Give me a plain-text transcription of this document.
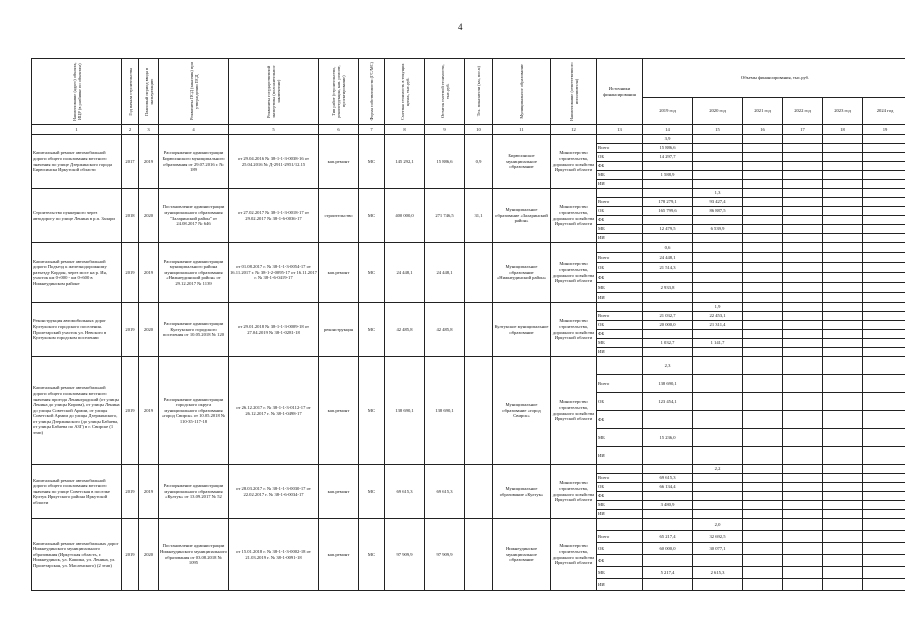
4
Наименование (адрес) объекта, ИЦР (в разбивке по объектам)	Год начала строительства	Плановый период ввода в эксплуатацию	Реквизиты ПСД (заказчик) при утверждении ПСД	Реквизиты государственной экспертизы (положительное заключение)	Тип работ (строительство, реконструкция, кап. ремонт, проектирование)	Форма собственности (ГС/МС)	Сметная стоимость в текущих ценах, тыс.руб.	Остаток сметной стоимости, тыс.руб.	Тех. показатели (км, пог.м)	Муниципальное образование	Наименование (ответственного исполнителя)	Источники финансирования	Объемы финансирования, тыс.руб.					
													2019 год	2020 год	2021 год	2022 год	2023 год	2024 год
1	2	3	4	5	6	7	8	9	10	11	12	13	14	15	16	17	18	19
Капитальный ремонт автомобильной дороги общего пользования местного значения по улице Дзержинского города Бирюсинска Иркутской области	2017	2019	Распоряжение администрации Бирюсинского муниципального образования от 29.07.2016 г. № 189	от 29.04.2016 № 38-1-1-3-0038-16 от 25.04.2016 № Д-2911-2951/12.15	кап.ремонт	МС	145 292,1	15 886,6	0,9	Бирюсинское муниципальное образование	Министерство строительства, дорожного хозяйства Иркутской области		3,9					
												Всего	15 886,6					
												ОБ	14 297,7					
												ФБ						
												МБ	1 588,9					
												ИИ						
Строительство пункерного через автодорогу по улице Ленина в р.п. Залари	2018	2020	Постановление администрации муниципального образования "Заларинский район" от 24.08.2017 № 646	от 27.02.2017 № 38-1-1-3-0018-17 от 29.02.2017 № 38-1-6-0036-17	строительство	МС	400 000,0	271 746,5	31,1	Муниципальное образование «Заларинский район»	Министерство строительства, дорожного хозяйства Иркутской области			1,3				
												Всего	178 279,1	93 427,4				
												ОБ	165 799,6	86 887,5				
												ФБ						
												МБ	12 479,5	6 539,9				
												ИИ						
Капитальный ремонт автомобильной дороги Подъезд к железнодорожному разъезду Кордон, через мост на р. Ия, участок км 0+000 - км 0+600 в Нижнеудинском районе	2019	2019	Распоряжение администрации муниципального района муниципального образования «Нижнеудинский район» от 29.12.2017 № 1139	от 01.08.2017 г. № 38-1-1-3-0054-17 от 16.11.2017 г. № 38-1-2-0095-17 от 16.11.2017 г. № 38-1-6-0419-17	кап.ремонт	МС	24 448,1	24 448,1		Муниципальное образование «Нижнеудинский район»	Министерство строительства, дорожного хозяйства Иркутской области		0,6					
												Всего	24 448,1					
												ОБ	21 514,3					
												ФБ						
												МБ	2 933,8					
												ИИ						
Реконструкция автомобильных дорог Култукского городского поселения. Пролетарский участок ул. Невского в Култукском городском поселении	2019	2020	Распоряжение администрации Култукского городского поселения от 10.05.2018 № 120	от 29.01.2018 № 38-1-1-3-0009-18 от 27.04.2019 № 38-1-0281-18	реконструкция	МС	42 485,8	42 485,8		Култукское муниципальное образование	Министерство строительства, дорожного хозяйства Иркутской области			1,9				
												Всего	21 032,7	22 453,1				
												ОБ	20 000,0	21 311,4				
												ФБ						
												МБ	1 032,7	1 141,7				
												ИИ						
Капитальный ремонт автомобильной дороги общего пользования местного значения проезда Ленинградский (от улицы Ленина до улицы Кирова), от улицы Ленина до улицы Советской Армии, от улицы Советской Армии до улицы Дзержинского, от улицы Дзержинского (до улицы Бабаева, от улицы Бабаева по АЗГ) в г. Свирске (1 этап)	2019	2019	Распоряжение администрации городского округа муниципального образования «город Свирск» от 10.05.2018 № 110-35-117-18	от 26.12.2017 г. № 38-1-1-3-0112-17 от 26.12.2017 г. № 38-1-0498-17	кап.ремонт	МС	138 690,1	138 690,1		Муниципальное образование «город Свирск»	Министерство строительства, дорожного хозяйства Иркутской области		2,3					
												Всего	138 690,1					
												ОБ	123 454,1					
												ФБ						
												МБ	15 236,0					
												ИИ						
Капитальный ремонт автомобильной дороги общего пользования местного значения по улице Советская в поселке Култук Иркутского района Иркутской области	2019	2019	Распоряжение администрации муниципального образования «Култук» от 13.09.2017 № 52	от 28.03.2017 г. № 38-1-1-3-0030-17 от 22.02.2017 г. № 38-1-6-0034-17	кап.ремонт	МС	69 615,3	69 615,3		Муниципальное образование «Култук»	Министерство строительства, дорожного хозяйства Иркутской области			2,2				
												Всего	69 615,3					
												ОБ	66 134,4					
												ФБ						
												МБ	3 480,9					
												ИИ						
Капитальный ремонт автомобильных дорог Нижнеудинского муниципального образования (Иркутская область, г. Нижнеудинск, ул. Кашика, ул. Ленина, ул. Пролетарская, ул. Масленского) (2 этап)	2019	2020	Постановление администрации Нижнеудинского муниципального образования от 03.08.2018 № 1095	от 15.01.2018 г. № 38-1-1-3-0002-18 от 21.03.2019 г. № 38-1-0091-18	кап.ремонт	МС	97 909,9	97 909,9		Нижнеудинское муниципальное образование	Министерство строительства, дорожного хозяйства Иркутской области			2,0				
												Всего	65 217,4	32 692,5				
												ОБ	60 000,0	30 077,1				
												ФБ						
												МБ	5 217,4	2 615,3				
												ИИ						
